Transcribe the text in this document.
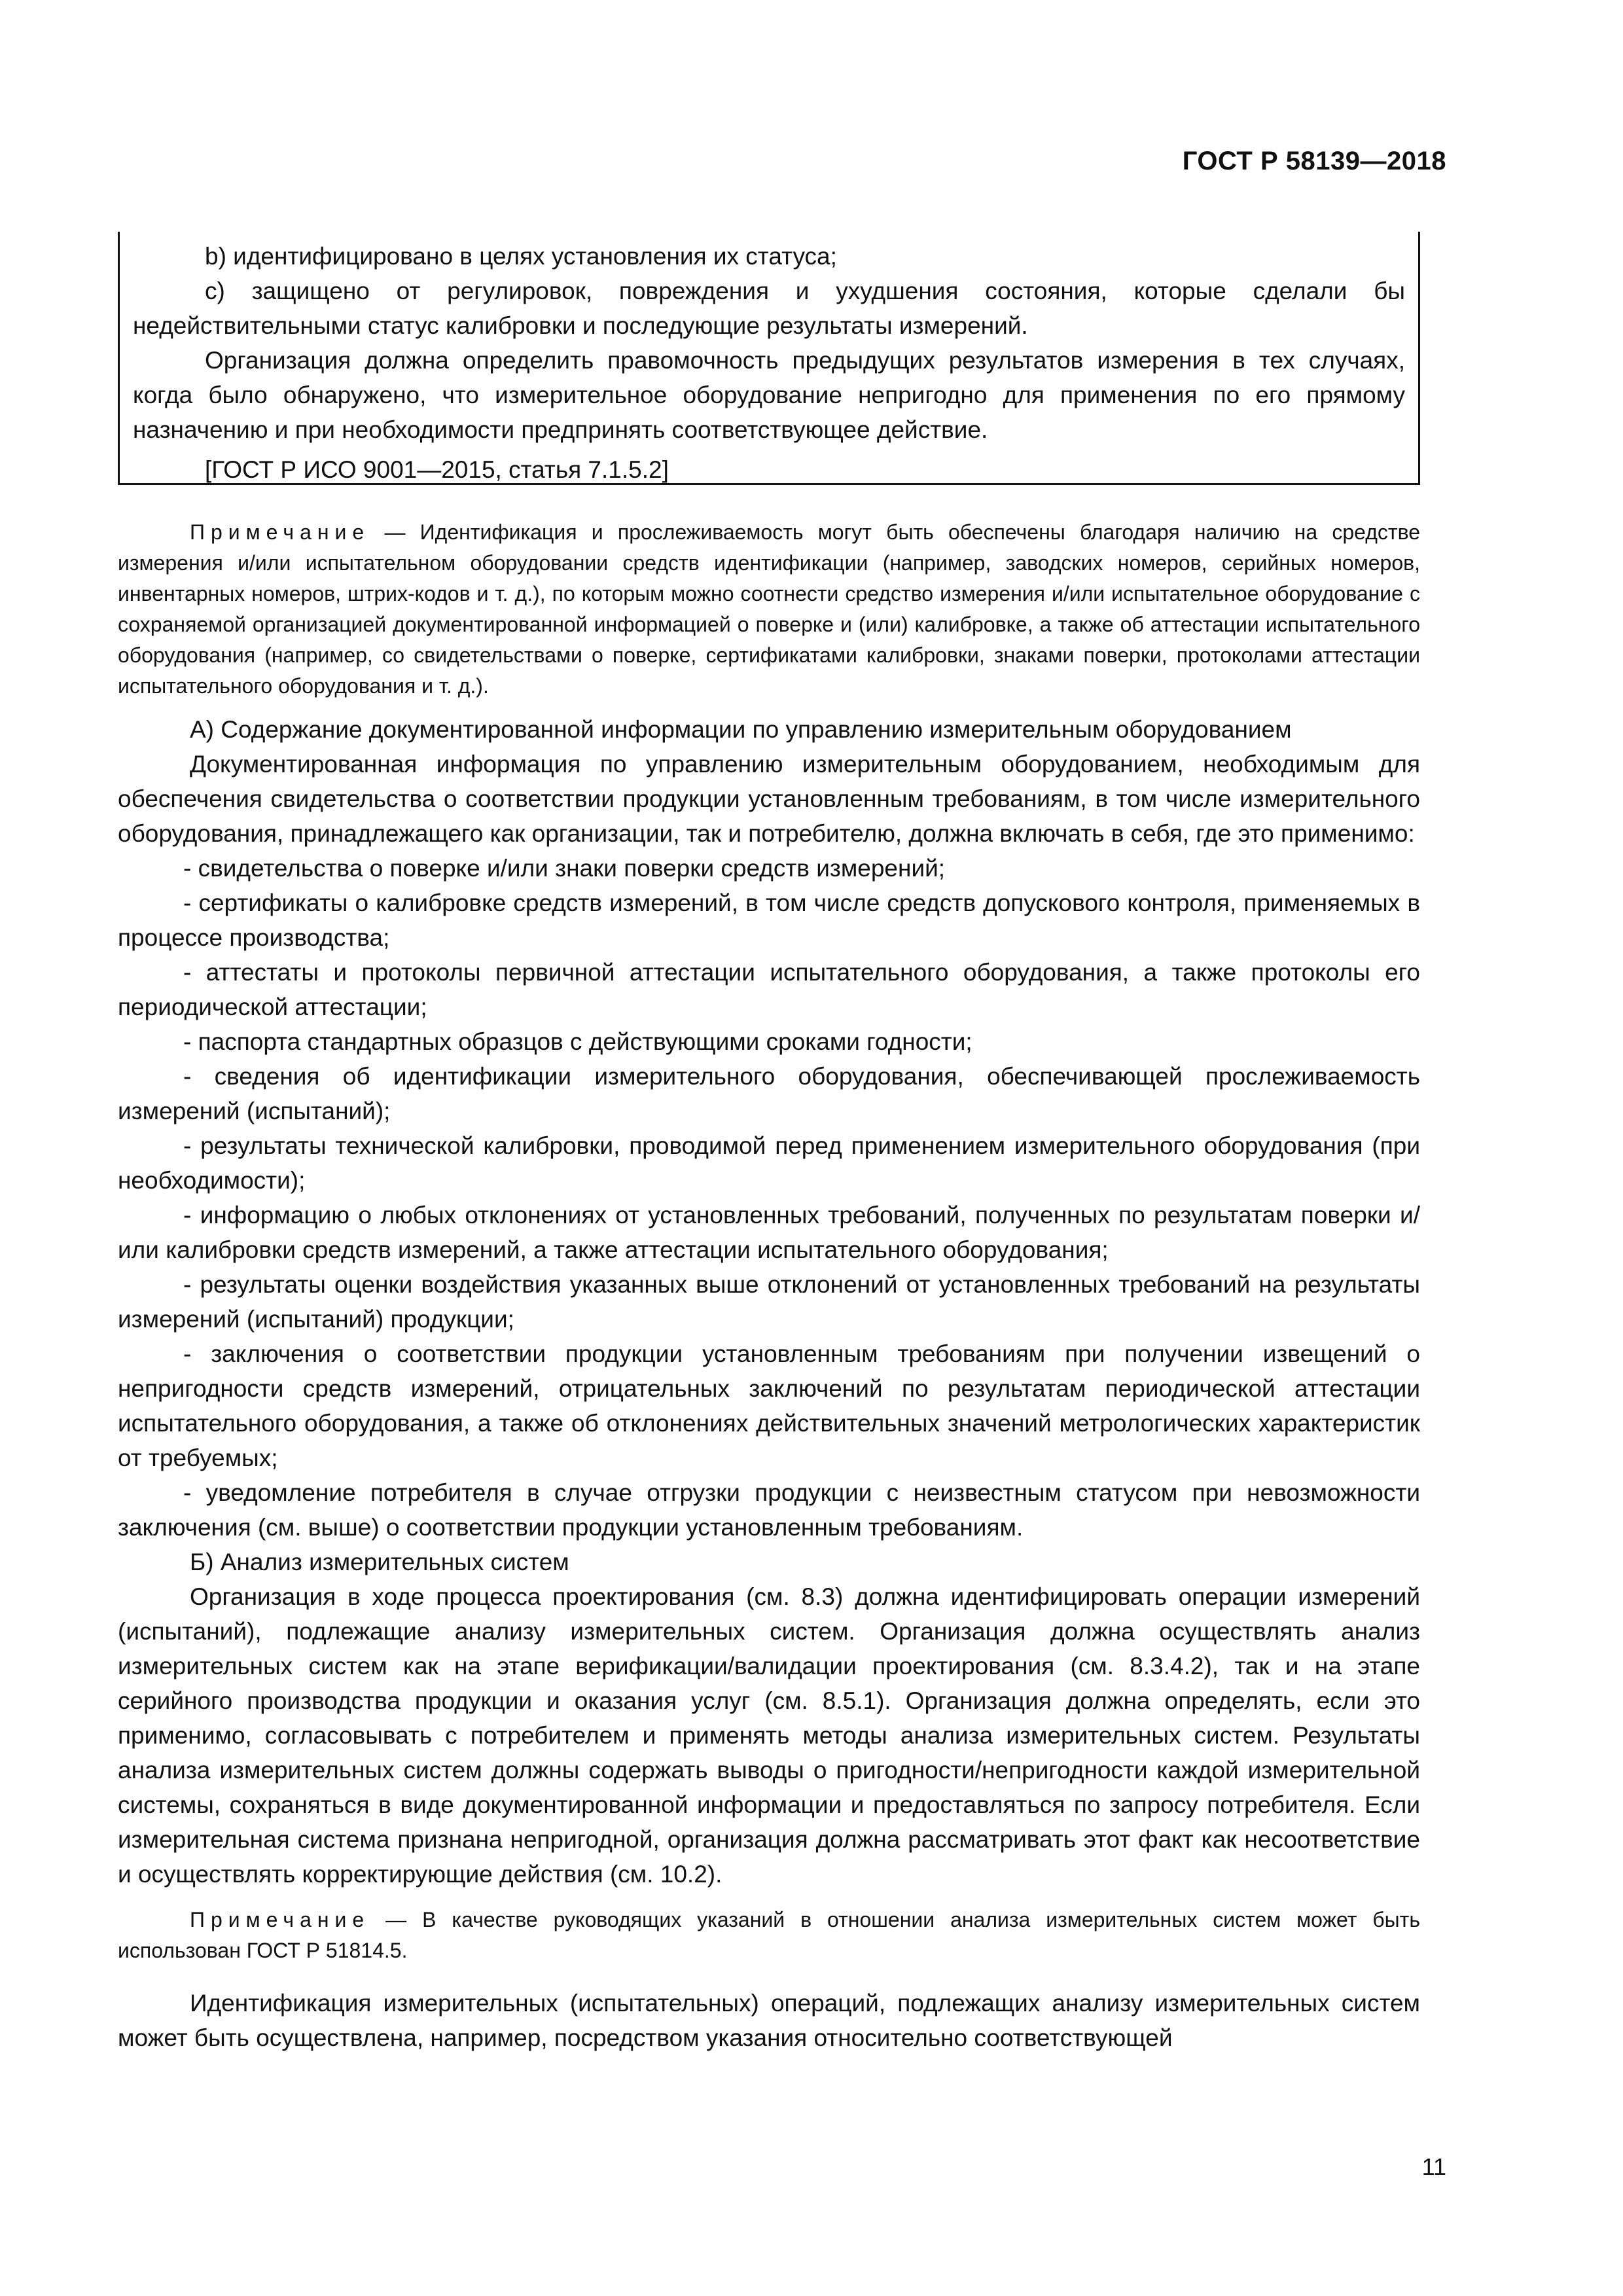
ГОСТ Р 58139—2018

b) идентифицировано в целях установления их статуса;

c) защищено от регулировок, повреждения и ухудшения состояния, которые сделали бы недействительными статус калибровки и последующие результаты измерений.

Организация должна определить правомочность предыдущих результатов измерения в тех случаях, когда было обнаружено, что измерительное оборудование непригодно для применения по его прямому назначению и при необходимости предпринять соответствующее действие.

[ГОСТ Р ИСО 9001—2015, статья 7.1.5.2]

Примечание — Идентификация и прослеживаемость могут быть обеспечены благодаря наличию на средстве измерения и/или испытательном оборудовании средств идентификации (например, заводских номеров, серийных номеров, инвентарных номеров, штрих-кодов и т. д.), по которым можно соотнести средство измерения и/или испытательное оборудование с сохраняемой организацией документированной информацией о поверке и (или) калибровке, а также об аттестации испытательного оборудования (например, со свидетельствами о поверке, сертификатами калибровки, знаками поверки, протоколами аттестации испытательного оборудования и т. д.).

А) Содержание документированной информации по управлению измерительным оборудованием

Документированная информация по управлению измерительным оборудованием, необходимым для обеспечения свидетельства о соответствии продукции установленным требованиям, в том числе измерительного оборудования, принадлежащего как организации, так и потребителю, должна включать в себя, где это применимо:

- свидетельства о поверке и/или знаки поверки средств измерений;

- сертификаты о калибровке средств измерений, в том числе средств допускового контроля, применяемых в процессе производства;

- аттестаты и протоколы первичной аттестации испытательного оборудования, а также протоколы его периодической аттестации;

- паспорта стандартных образцов с действующими сроками годности;

- сведения об идентификации измерительного оборудования, обеспечивающей прослеживаемость измерений (испытаний);

- результаты технической калибровки, проводимой перед применением измерительного оборудования (при необходимости);

- информацию о любых отклонениях от установленных требований, полученных по результатам поверки и/или калибровки средств измерений, а также аттестации испытательного оборудования;

- результаты оценки воздействия указанных выше отклонений от установленных требований на результаты измерений (испытаний) продукции;

- заключения о соответствии продукции установленным требованиям при получении извещений о непригодности средств измерений, отрицательных заключений по результатам периодической аттестации испытательного оборудования, а также об отклонениях действительных значений метрологических характеристик от требуемых;

- уведомление потребителя в случае отгрузки продукции с неизвестным статусом при невозможности заключения (см. выше) о соответствии продукции установленным требованиям.

Б) Анализ измерительных систем

Организация в ходе процесса проектирования (см. 8.3) должна идентифицировать операции измерений (испытаний), подлежащие анализу измерительных систем. Организация должна осуществлять анализ измерительных систем как на этапе верификации/валидации проектирования (см. 8.3.4.2), так и на этапе серийного производства продукции и оказания услуг (см. 8.5.1). Организация должна определять, если это применимо, согласовывать с потребителем и применять методы анализа измерительных систем. Результаты анализа измерительных систем должны содержать выводы о пригодности/непригодности каждой измерительной системы, сохраняться в виде документированной информации и предоставляться по запросу потребителя. Если измерительная система признана непригодной, организация должна рассматривать этот факт как несоответствие и осуществлять корректирующие действия (см. 10.2).

Примечание — В качестве руководящих указаний в отношении анализа измерительных систем может быть использован ГОСТ Р 51814.5.

Идентификация измерительных (испытательных) операций, подлежащих анализу измерительных систем может быть осуществлена, например, посредством указания относительно соответствующей

11
